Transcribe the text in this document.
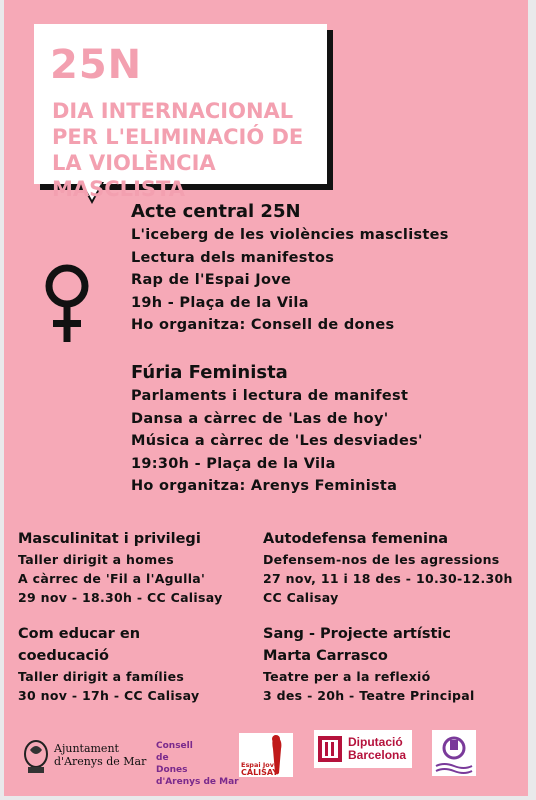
25N
DIA INTERNACIONAL PER L'ELIMINACIÓ DE LA VIOLÈNCIA MASCLISTA

Acte central 25N

L'iceberg de les violències masclistes

Lectura dels manifestos

Rap de l'Espai Jove

19h - Plaça de la Vila

Ho organitza: Consell de dones

Fúria Feminista

Parlaments i lectura de manifest

Dansa a càrrec de 'Las de hoy'

Música a càrrec de 'Les desviades'

19:30h - Plaça de la Vila

Ho organitza: Arenys Feminista

Masculinitat i privilegi

Taller dirigit a homes

A càrrec de 'Fil a l'Agulla'

29 nov - 18.30h - CC Calisay

Autodefensa femenina

Defensem-nos de les agressions

27 nov, 11 i 18 des - 10.30-12.30h

CC Calisay

Com educar en

coeducació

Taller dirigit a famílies

30 nov - 17h - CC Calisay

Sang - Projecte artístic

Marta Carrasco

Teatre per a la reflexió

3 des - 20h - Teatre Principal

Ajuntament
d'Arenys de Mar
Consell
de
Dones
d'Arenys de Mar
Espai Jove
CALISAY
Diputació
Barcelona
